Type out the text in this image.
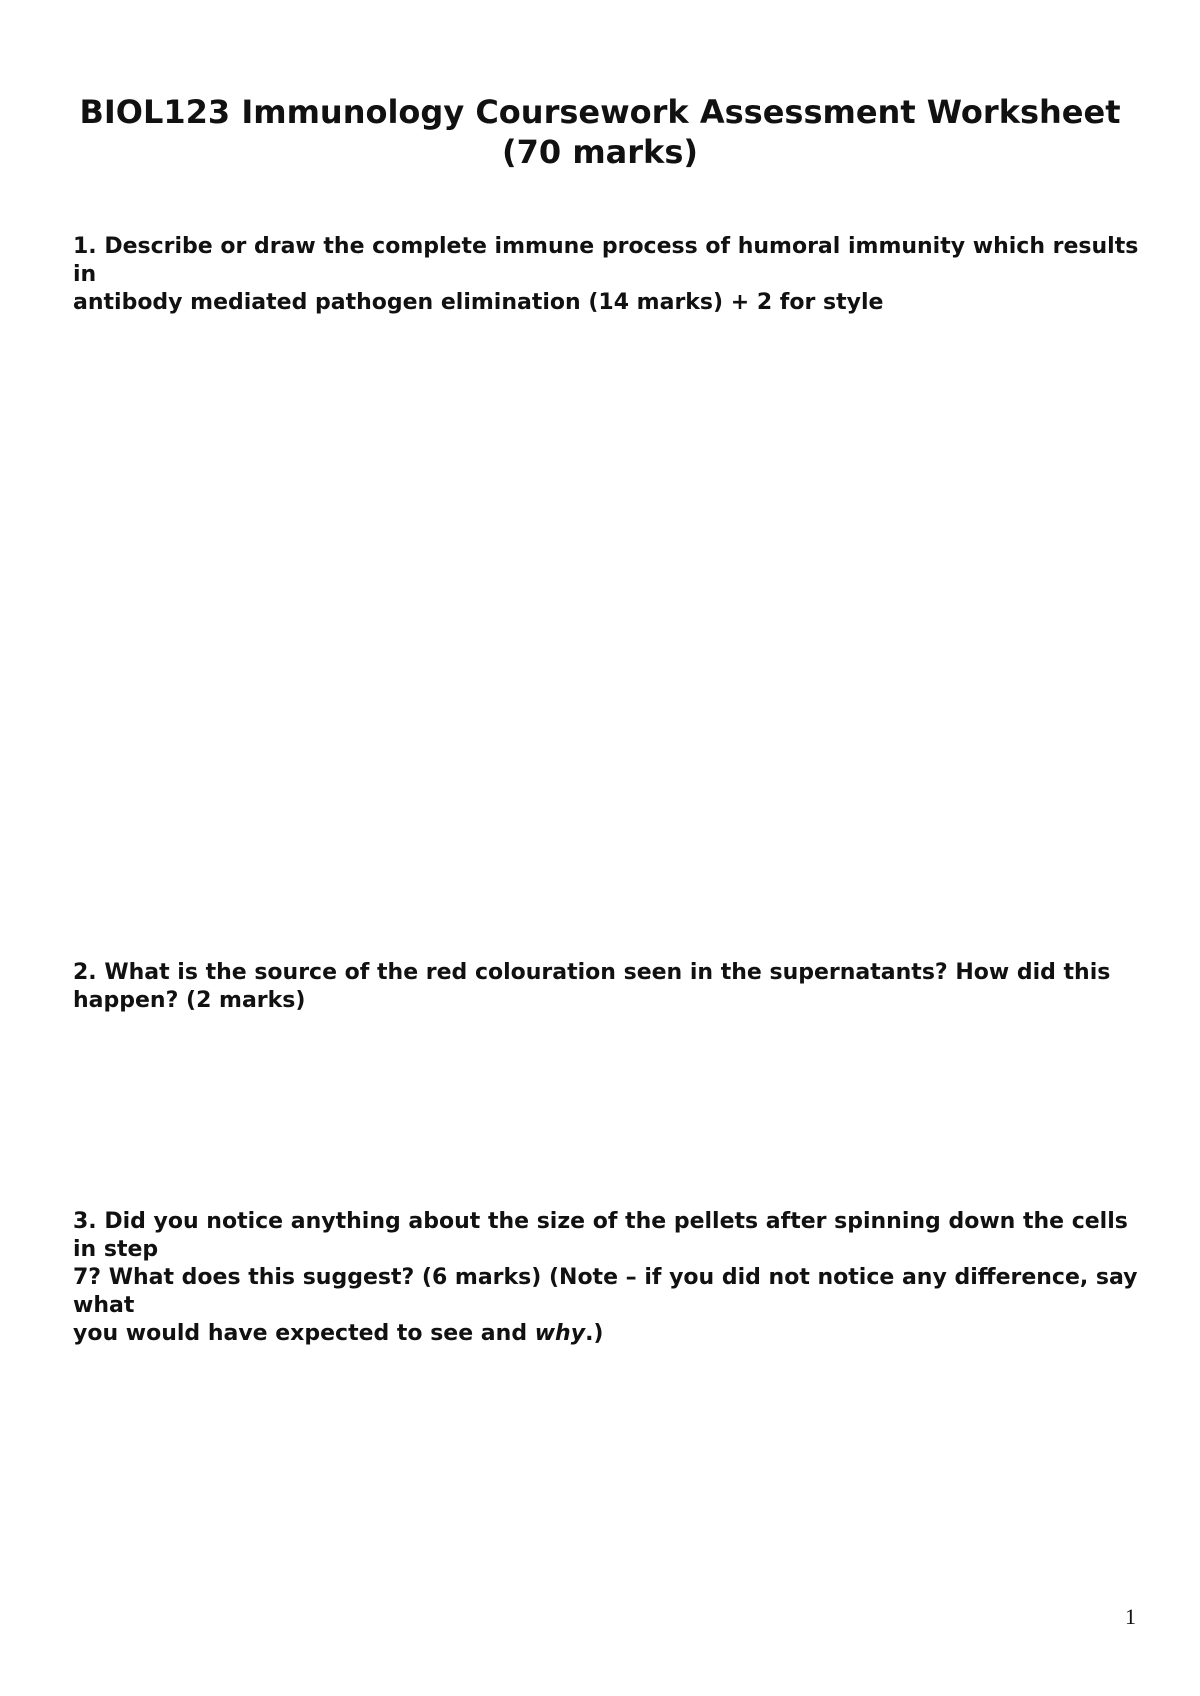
BIOL123 Immunology Coursework Assessment Worksheet
(70 marks)

1. Describe or draw the complete immune process of humoral immunity which results in
antibody mediated pathogen elimination (14 marks) + 2 for style

2. What is the source of the red colouration seen in the supernatants? How did this
happen? (2 marks)

3. Did you notice anything about the size of the pellets after spinning down the cells in step
7? What does this suggest? (6 marks) (Note – if you did not notice any difference, say what
you would have expected to see and why.)

1
